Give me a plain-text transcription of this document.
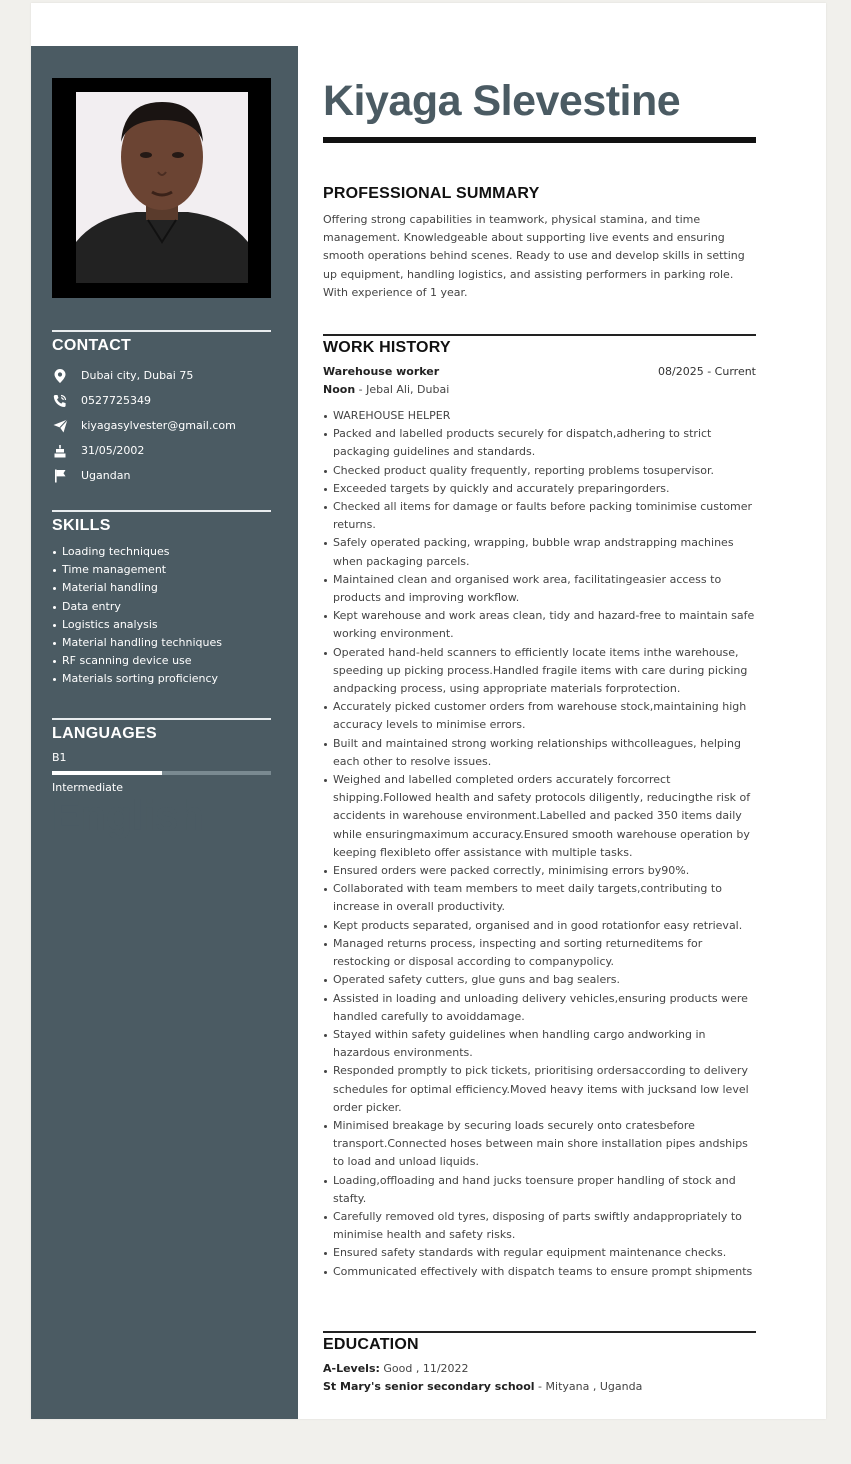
CONTACT
Dubai city, Dubai 75
0527725349
kiyagasylvester@gmail.com
31/05/2002
Ugandan
SKILLS
Loading techniques
Time management
Material handling
Data entry
Logistics analysis
Material handling techniques
RF scanning device use
Materials sorting proficiency
LANGUAGES
English
B1
Intermediate
Kiyaga Slevestine
PROFESSIONAL SUMMARY
Offering strong capabilities in teamwork, physical stamina, and time management. Knowledgeable about supporting live events and ensuring smooth operations behind scenes. Ready to use and develop skills in setting up equipment, handling logistics, and assisting performers in parking role. With experience of 1 year.
WORK HISTORY
Warehouse worker	08/2025 - Current
Noon - Jebal Ali, Dubai
WAREHOUSE HELPER
Packed and labelled products securely for dispatch,adhering to strict packaging guidelines and standards.
Checked product quality frequently, reporting problems tosupervisor.
Exceeded targets by quickly and accurately preparingorders.
Checked all items for damage or faults before packing tominimise customer returns.
Safely operated packing, wrapping, bubble wrap andstrapping machines when packaging parcels.
Maintained clean and organised work area, facilitatingeasier access to products and improving workflow.
Kept warehouse and work areas clean, tidy and hazard-free to maintain safe working environment.
Operated hand-held scanners to efficiently locate items inthe warehouse, speeding up picking process.Handled fragile items with care during picking andpacking process, using appropriate materials forprotection.
Accurately picked customer orders from warehouse stock,maintaining high accuracy levels to minimise errors.
Built and maintained strong working relationships withcolleagues, helping each other to resolve issues.
Weighed and labelled completed orders accurately forcorrect shipping.Followed health and safety protocols diligently, reducingthe risk of accidents in warehouse environment.Labelled and packed 350 items daily while ensuringmaximum accuracy.Ensured smooth warehouse operation by keeping flexibleto offer assistance with multiple tasks.
Ensured orders were packed correctly, minimising errors by90%.
Collaborated with team members to meet daily targets,contributing to increase in overall productivity.
Kept products separated, organised and in good rotationfor easy retrieval.
Managed returns process, inspecting and sorting returneditems for restocking or disposal according to companypolicy.
Operated safety cutters, glue guns and bag sealers.
Assisted in loading and unloading delivery vehicles,ensuring products were handled carefully to avoiddamage.
Stayed within safety guidelines when handling cargo andworking in hazardous environments.
Responded promptly to pick tickets, prioritising ordersaccording to delivery schedules for optimal efficiency.Moved heavy items with jucksand low level order picker.
Minimised breakage by securing loads securely onto cratesbefore transport.Connected hoses between main shore installation pipes andships to load and unload liquids.
Loading,offloading and hand jucks toensure proper handling of stock and stafty.
Carefully removed old tyres, disposing of parts swiftly andappropriately to minimise health and safety risks.
Ensured safety standards with regular equipment maintenance checks.
Communicated effectively with dispatch teams to ensure prompt shipments
EDUCATION
A-Levels: Good , 11/2022
St Mary's senior secondary school - Mityana , Uganda
